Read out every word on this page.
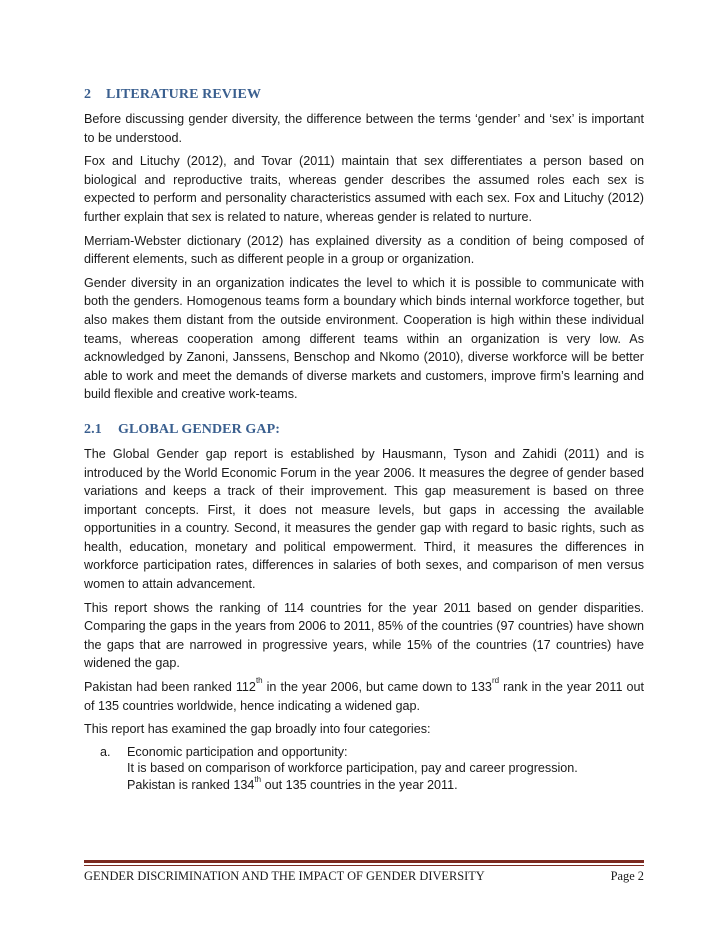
2 LITERATURE REVIEW

Before discussing gender diversity, the difference between the terms ‘gender’ and ‘sex’ is important to be understood.

Fox and Lituchy (2012), and Tovar (2011) maintain that sex differentiates a person based on biological and reproductive traits, whereas gender describes the assumed roles each sex is expected to perform and personality characteristics assumed with each sex. Fox and Lituchy (2012) further explain that sex is related to nature, whereas gender is related to nurture.

Merriam-Webster dictionary (2012) has explained diversity as a condition of being composed of different elements, such as different people in a group or organization.

Gender diversity in an organization indicates the level to which it is possible to communicate with both the genders. Homogenous teams form a boundary which binds internal workforce together, but also makes them distant from the outside environment. Cooperation is high within these individual teams, whereas cooperation among different teams within an organization is very low. As acknowledged by Zanoni, Janssens, Benschop and Nkomo (2010), diverse workforce will be better able to work and meet the demands of diverse markets and customers, improve firm’s learning and build flexible and creative work-teams.

2.1 GLOBAL GENDER GAP:

The Global Gender gap report is established by Hausmann, Tyson and Zahidi (2011) and is introduced by the World Economic Forum in the year 2006. It measures the degree of gender based variations and keeps a track of their improvement. This gap measurement is based on three important concepts. First, it does not measure levels, but gaps in accessing the available opportunities in a country. Second, it measures the gender gap with regard to basic rights, such as health, education, monetary and political empowerment. Third, it measures the differences in workforce participation rates, differences in salaries of both sexes, and comparison of men versus women to attain advancement.

This report shows the ranking of 114 countries for the year 2011 based on gender disparities. Comparing the gaps in the years from 2006 to 2011, 85% of the countries (97 countries) have shown the gaps that are narrowed in progressive years, while 15% of the countries (17 countries) have widened the gap.

Pakistan had been ranked 112th in the year 2006, but came down to 133rd rank in the year 2011 out of 135 countries worldwide, hence indicating a widened gap.

This report has examined the gap broadly into four categories:

a. Economic participation and opportunity:
It is based on comparison of workforce participation, pay and career progression.
Pakistan is ranked 134th out 135 countries in the year 2011.
GENDER DISCRIMINATION AND THE IMPACT OF GENDER DIVERSITY	Page 2
